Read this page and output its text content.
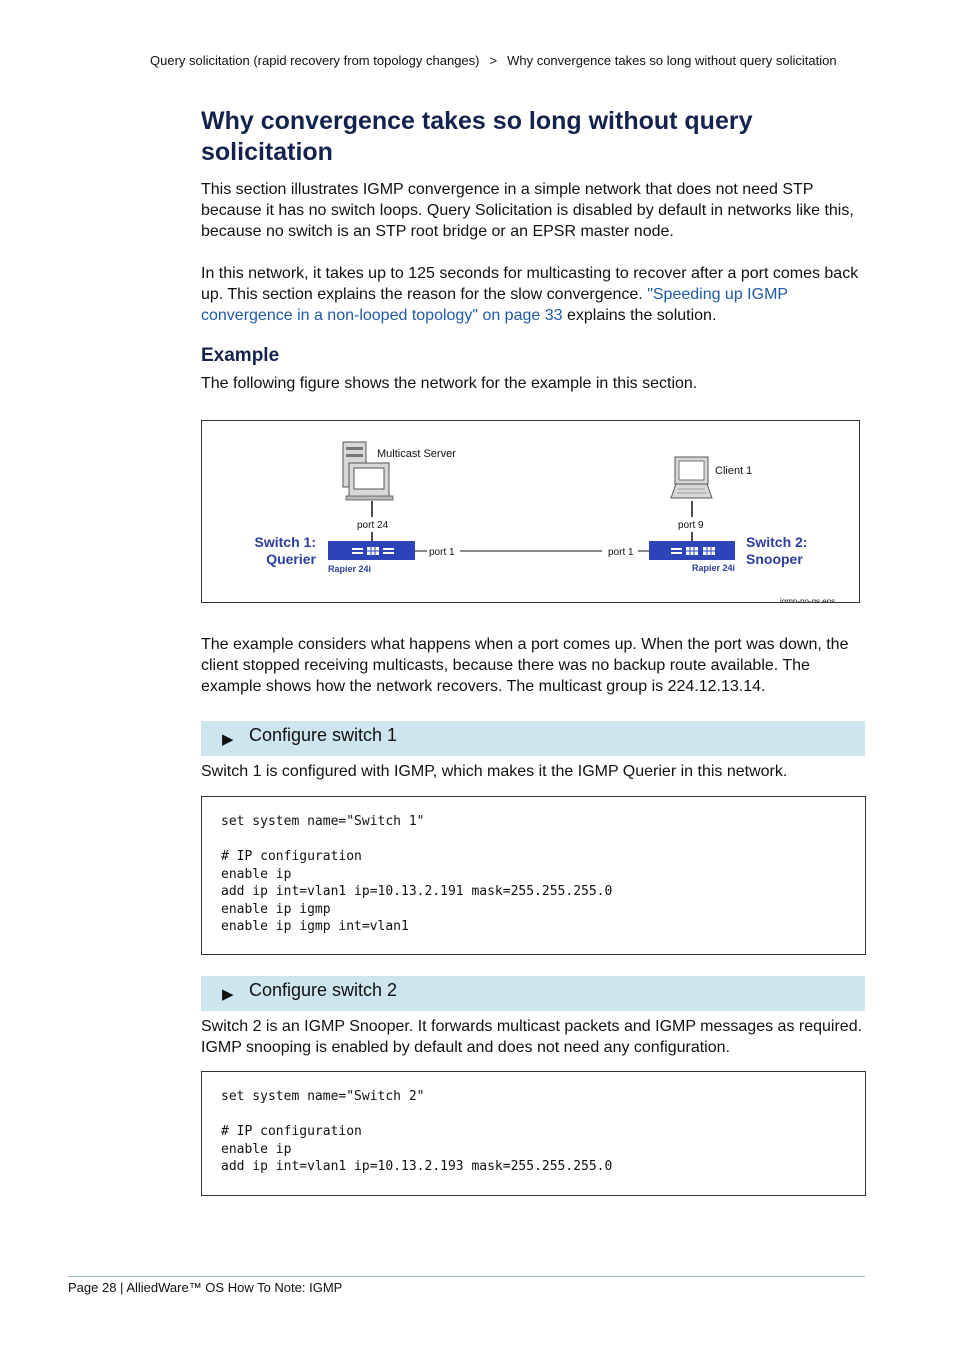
Query solicitation (rapid recovery from topology changes) > Why convergence takes so long without query solicitation
Why convergence takes so long without query solicitation

This section illustrates IGMP convergence in a simple network that does not need STP because it has no switch loops. Query Solicitation is disabled by default in networks like this, because no switch is an STP root bridge or an EPSR master node.

In this network, it takes up to 125 seconds for multicasting to recover after a port comes back up. This section explains the reason for the slow convergence. "Speeding up IGMP convergence in a non-looped topology" on page 33 explains the solution.

Example

The following figure shows the network for the example in this section.

Multicast Server
port 24
Client 1
port 9
Switch 1:
Querier
Rapier 24i
port 1	port 1
Rapier 24i
Switch 2:
Snooper
igmp-no-qs.eps

The example considers what happens when a port comes up. When the port was down, the client stopped receiving multicasts, because there was no backup route available. The example shows how the network recovers. The multicast group is 224.12.13.14.

▶ Configure switch 1

Switch 1 is configured with IGMP, which makes it the IGMP Querier in this network.

set system name="Switch 1"

# IP configuration
enable ip
add ip int=vlan1 ip=10.13.2.191 mask=255.255.255.0
enable ip igmp
enable ip igmp int=vlan1
▶ Configure switch 2

Switch 2 is an IGMP Snooper. It forwards multicast packets and IGMP messages as required. IGMP snooping is enabled by default and does not need any configuration.

set system name="Switch 2"

# IP configuration
enable ip
add ip int=vlan1 ip=10.13.2.193 mask=255.255.255.0
Page 28 | AlliedWare™ OS How To Note: IGMP
